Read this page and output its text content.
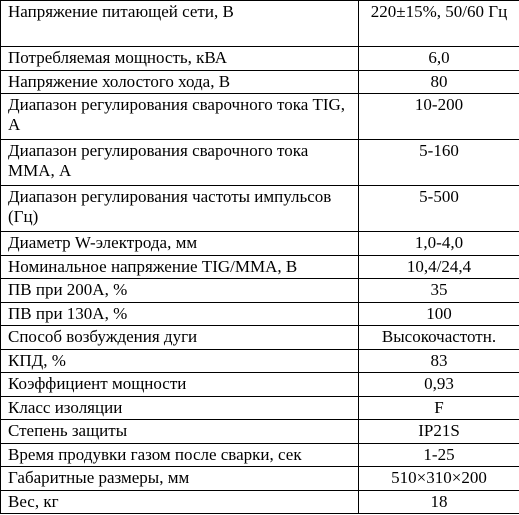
Напряжение питающей сети, В	220±15%, 50/60 Гц
Потребляемая мощность, кВА	6,0
Напряжение холостого хода, В	80
Диапазон регулирования сварочного тока TIG, А	10-200
Диапазон регулирования сварочного тока ММА, А	5-160
Диапазон регулирования частоты импульсов (Гц)	5-500
Диаметр W-электрода, мм	1,0-4,0
Номинальное напряжение TIG/MMA, В	10,4/24,4
ПВ при 200А, %	35
ПВ при 130А, %	100
Способ возбуждения дуги	Высокочастотн.
КПД, %	83
Коэффициент мощности	0,93
Класс изоляции	F
Степень защиты	IP21S
Время продувки газом после сварки, сек	1-25
Габаритные размеры, мм	510×310×200
Вес, кг	18
